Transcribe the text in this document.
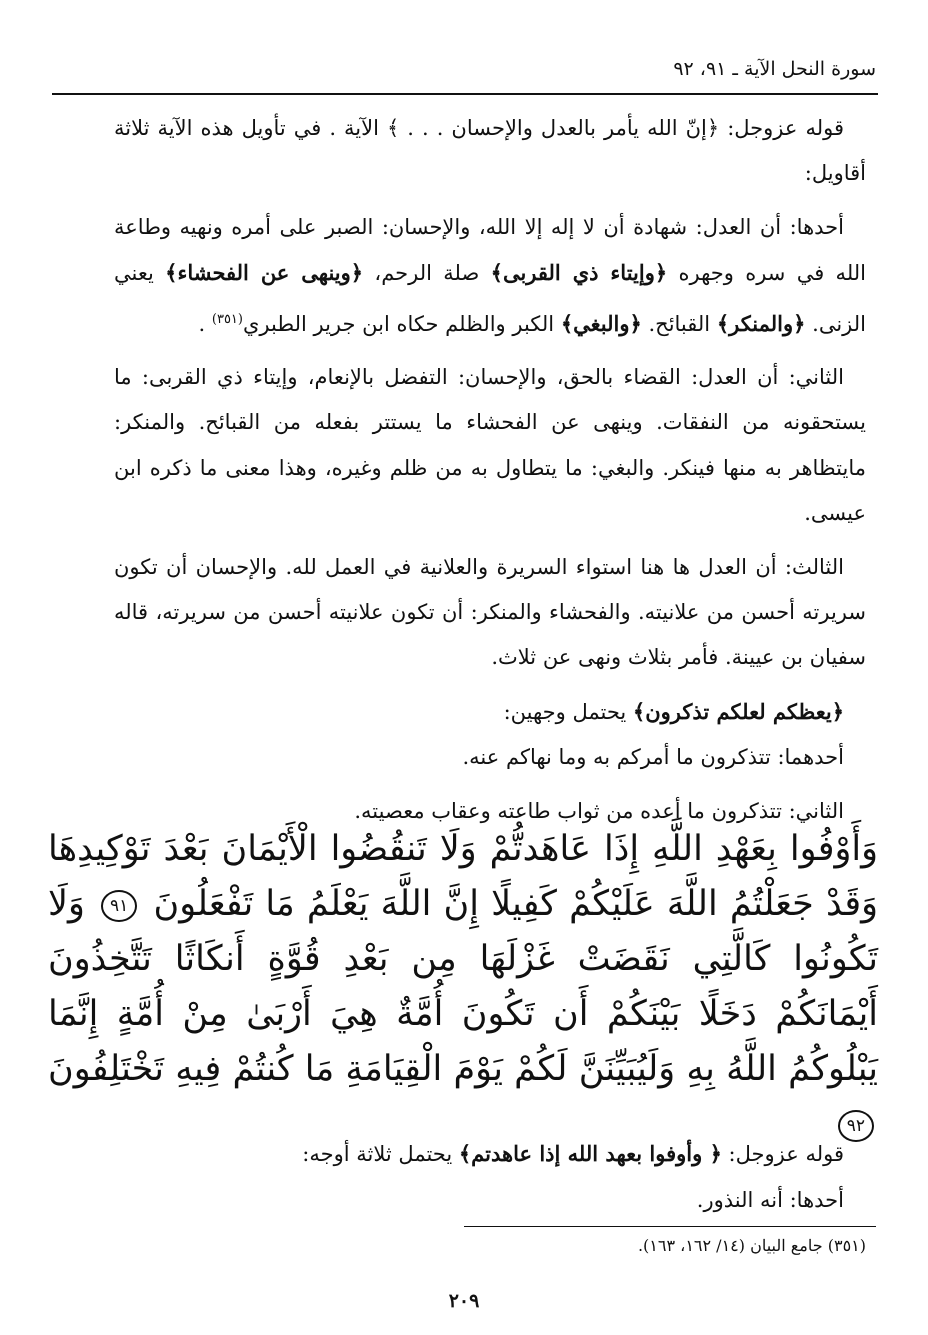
سورة النحل الآية ـ ٩١، ٩٢

قوله عزوجل: ﴿إنّ الله يأمر بالعدل والإحسان . . . ﴾ الآية . في تأويل هذه الآية ثلاثة أقاويل:

أحدها: أن العدل: شهادة أن لا إله إلا الله، والإحسان: الصبر على أمره ونهيه وطاعة الله في سره وجهره ﴿وإيتاء ذي القربى﴾ صلة الرحم، ﴿وينهى عن الفحشاء﴾ يعني الزنى. ﴿والمنكر﴾ القبائح. ﴿والبغي﴾ الكبر والظلم حكاه ابن جرير الطبري$^{(٣٥١)}$ .

الثاني: أن العدل: القضاء بالحق، والإحسان: التفضل بالإنعام، وإيتاء ذي القربى: ما يستحقونه من النفقات. وينهى عن الفحشاء ما يستتر بفعله من القبائح. والمنكر: مايتظاهر به منها فينكر. والبغي: ما يتطاول به من ظلم وغيره، وهذا معنى ما ذكره ابن عيسى.

الثالث: أن العدل ها هنا استواء السريرة والعلانية في العمل لله. والإحسان أن تكون سريرته أحسن من علانيته. والفحشاء والمنكر: أن تكون علانيته أحسن من سريرته، قاله سفيان بن عيينة. فأمر بثلاث ونهى عن ثلاث.

﴿يعظكم لعلكم تذكرون﴾ يحتمل وجهين:

أحدهما: تتذكرون ما أمركم به وما نهاكم عنه.

الثاني: تتذكرون ما أعده من ثواب طاعته وعقاب معصيته.

وَأَوْفُوا بِعَهْدِ اللَّهِ إِذَا عَاهَدتُّمْ وَلَا تَنقُضُوا الْأَيْمَانَ بَعْدَ تَوْكِيدِهَا وَقَدْ جَعَلْتُمُ اللَّهَ عَلَيْكُمْ كَفِيلًا إِنَّ اللَّهَ يَعْلَمُ مَا تَفْعَلُونَ ٩١ وَلَا تَكُونُوا كَالَّتِي نَقَضَتْ غَزْلَهَا مِن بَعْدِ قُوَّةٍ أَنكَاثًا تَتَّخِذُونَ أَيْمَانَكُمْ دَخَلًا بَيْنَكُمْ أَن تَكُونَ أُمَّةٌ هِيَ أَرْبَىٰ مِنْ أُمَّةٍ إِنَّمَا يَبْلُوكُمُ اللَّهُ بِهِ وَلَيُبَيِّنَنَّ لَكُمْ يَوْمَ الْقِيَامَةِ مَا كُنتُمْ فِيهِ تَخْتَلِفُونَ ٩٢

قوله عزوجل: ﴿ وأوفوا بعهد الله إذا عاهدتم﴾ يحتمل ثلاثة أوجه:

أحدها: أنه النذور.

(٣٥١) جامع البيان (١٤/ ١٦٢، ١٦٣).
٢٠٩
